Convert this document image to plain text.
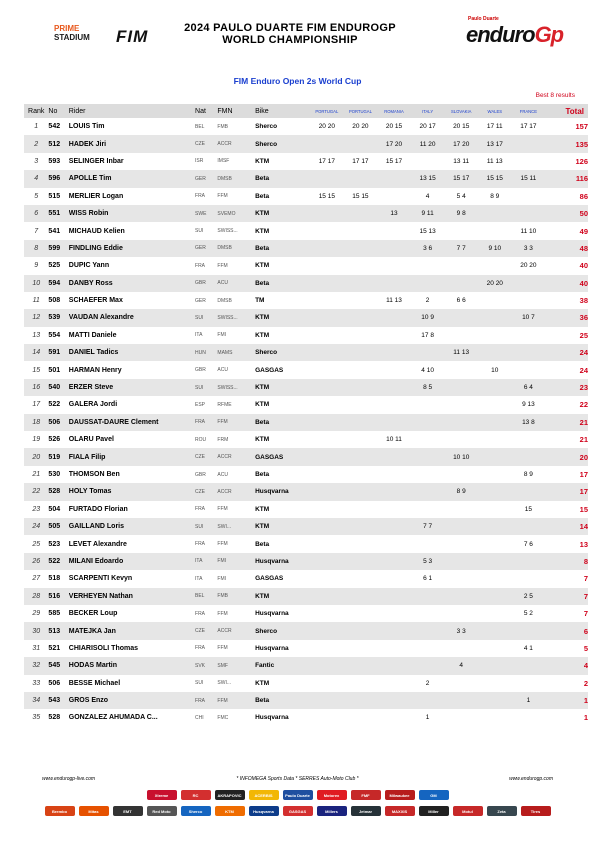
PRIME
STADIUM	FIM	2024 PAULO DUARTE FIM ENDUROGP
WORLD CHAMPIONSHIP
Paulo Duarte
enduroGp
FIM Enduro Open 2s World Cup
Best 8 results
Rank	No	Rider	Nat	FMN	Bike	PORTUGAL	PORTUGAL	ROMANIA	ITALY	SLOVAKIA	WALES	FRANCE	Total
1	542	LOUIS Tim	BEL	FMB	Sherco	20 20	20 20	20 15	20 17	20 15	17 11	17 17	157
2	512	HADEK Jiri	CZE	ACCR	Sherco			17 20	11 20	17 20	13 17		135
3	593	SELINGER Inbar	ISR	IMSF	KTM	17 17	17 17	15 17		13 11	11 13		126
4	596	APOLLE Tim	GER	DMSB	Beta				13 15	15 17	15 15	15 11	116
5	515	MERLIER Logan	FRA	FFM	Beta	15 15	15 15		4	5 4	8 9		86
6	551	WISS Robin	SWE	SVEMO	KTM			13	9 11	9 8			50
7	541	MICHAUD Kelien	SUI	SWISS...	KTM				15 13			11 10	49
8	599	FINDLING Eddie	GER	DMSB	Beta				3 6	7 7	9 10	3 3	48
9	525	DUPIC Yann	FRA	FFM	KTM							20 20	40
10	594	DANBY Ross	GBR	ACU	Beta						20 20		40
11	508	SCHAEFER Max	GER	DMSB	TM			11 13	2	6 6			38
12	539	VAUDAN Alexandre	SUI	SWISS...	KTM				10 9			10 7	36
13	554	MATTI Daniele	ITA	FMI	KTM				17 8				25
14	591	DANIEL Tadics	HUN	MAMS	Sherco					11 13			24
15	501	HARMAN Henry	GBR	ACU	GASGAS				4 10		10		24
16	540	ERZER Steve	SUI	SWISS...	KTM				8 5			6 4	23
17	522	GALERA Jordi	ESP	RFME	KTM							9 13	22
18	506	DAUSSAT-DAURE Clement	FRA	FFM	Beta							13 8	21
19	526	OLARU Pavel	ROU	FRM	KTM			10 11					21
20	519	FIALA Filip	CZE	ACCR	GASGAS					10 10			20
21	530	THOMSON Ben	GBR	ACU	Beta							8 9	17
22	528	HOLY Tomas	CZE	ACCR	Husqvarna					8 9			17
23	504	FURTADO Florian	FRA	FFM	KTM							15	15
24	505	GAILLAND Loris	SUI	SWI...	KTM				7 7				14
25	523	LEVET Alexandre	FRA	FFM	Beta							7 6	13
26	522	MILANI Edoardo	ITA	FMI	Husqvarna				5 3				8
27	518	SCARPENTI Kevyn	ITA	FMI	GASGAS				6 1				7
28	516	VERHEYEN Nathan	BEL	FMB	KTM							2 5	7
29	585	BECKER Loup	FRA	FFM	Husqvarna							5 2	7
30	513	MATEJKA Jan	CZE	ACCR	Sherco					3 3			6
31	521	CHIARISOLI Thomas	FRA	FFM	Husqvarna							4 1	5
32	545	HODAS Martin	SVK	SMF	Fantic					4			4
33	506	BESSE Michael	SUI	SWI...	KTM				2				2
34	543	GROS Enzo	FRA	FFM	Beta							1	1
35	528	GONZALEZ AHUMADA C...	CHI	FMC	Husqvarna				1				1
www.endurogp-live.com	* INFOMEGA Sports Data * SERRES Auto-Moto Club *	www.endurogp.com
Xtreme	RC	AKRAPOVIC	ACERBIS	Paulo Duarte	Motorex	FMF	Milwaukee	GM
Brembo	Mitas	EMT	Red Moto	Sherco	KTM	Husqvarna	GASGAS	Millers	Jetmar	MAXXIS	Miller	Motul	Zeta	Tires
